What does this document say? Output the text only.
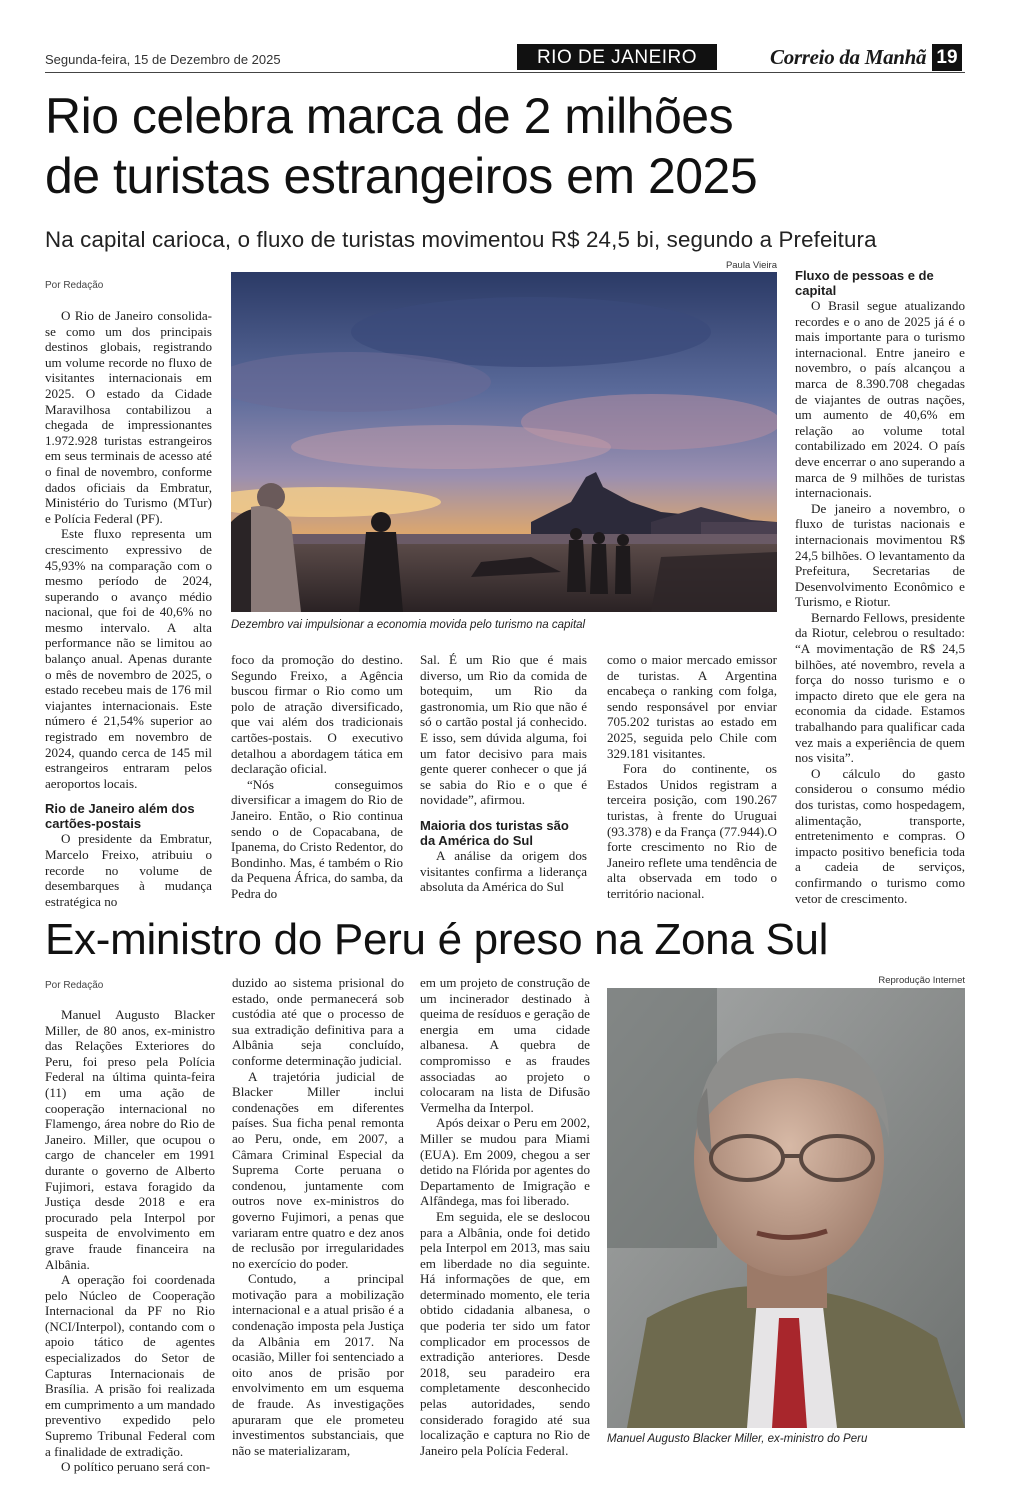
Segunda-feira, 15 de Dezembro de 2025	RIO DE JANEIRO	Correio da Manhã 19
Rio celebra marca de 2 milhões
de turistas estrangeiros em 2025
Na capital carioca, o fluxo de turistas movimentou R$ 24,5 bi, segundo a Prefeitura
Por Redação
Paula Vieira
Dezembro vai impulsionar a economia movida pelo turismo na capital

O Rio de Janeiro consolida-se como um dos principais destinos globais, registrando um volume recorde no fluxo de visitantes internacionais em 2025. O estado da Cidade Maravilhosa contabilizou a chegada de impressionantes 1.972.928 turistas estrangeiros em seus terminais de acesso até o final de novembro, conforme dados oficiais da Embratur, Ministério do Turismo (MTur) e Polícia Federal (PF).

Este fluxo representa um crescimento expressivo de 45,93% na comparação com o mesmo período de 2024, superando o avanço médio nacional, que foi de 40,6% no mesmo intervalo. A alta performance não se limitou ao balanço anual. Apenas durante o mês de novembro de 2025, o estado recebeu mais de 176 mil viajantes internacionais. Este número é 21,54% superior ao registrado em novembro de 2024, quando cerca de 145 mil estrangeiros entraram pelos aeroportos locais.

Rio de Janeiro além dos cartões-postais

O presidente da Embratur, Marcelo Freixo, atribuiu o recorde no volume de desembarques à mudança estratégica no

foco da promoção do destino. Segundo Freixo, a Agência buscou firmar o Rio como um polo de atração diversificado, que vai além dos tradicionais cartões-postais. O executivo detalhou a abordagem tática em declaração oficial.

“Nós conseguimos diversificar a imagem do Rio de Janeiro. Então, o Rio continua sendo o de Copacabana, de Ipanema, do Cristo Redentor, do Bondinho. Mas, é também o Rio da Pequena África, do samba, da Pedra do

Sal. É um Rio que é mais diverso, um Rio da comida de botequim, um Rio da gastronomia, um Rio que não é só o cartão postal já conhecido. E isso, sem dúvida alguma, foi um fator decisivo para mais gente querer conhecer o que já se sabia do Rio e o que é novidade”, afirmou.

Maioria dos turistas são da América do Sul

A análise da origem dos visitantes confirma a liderança absoluta da América do Sul

como o maior mercado emissor de turistas. A Argentina encabeça o ranking com folga, sendo responsável por enviar 705.202 turistas ao estado em 2025, seguida pelo Chile com 329.181 visitantes.

Fora do continente, os Estados Unidos registram a terceira posição, com 190.267 turistas, à frente do Uruguai (93.378) e da França (77.944).O forte crescimento no Rio de Janeiro reflete uma tendência de alta observada em todo o território nacional.

Fluxo de pessoas e de capital

O Brasil segue atualizando recordes e o ano de 2025 já é o mais importante para o turismo internacional. Entre janeiro e novembro, o país alcançou a marca de 8.390.708 chegadas de viajantes de outras nações, um aumento de 40,6% em relação ao volume total contabilizado em 2024. O país deve encerrar o ano superando a marca de 9 milhões de turistas internacionais.

De janeiro a novembro, o fluxo de turistas nacionais e internacionais movimentou R$ 24,5 bilhões. O levantamento da Prefeitura, Secretarias de Desenvolvimento Econômico e Turismo, e Riotur.

Bernardo Fellows, presidente da Riotur, celebrou o resultado: “A movimentação de R$ 24,5 bilhões, até novembro, revela a força do nosso turismo e o impacto direto que ele gera na economia da cidade. Estamos trabalhando para qualificar cada vez mais a experiência de quem nos visita”.

O cálculo do gasto considerou o consumo médio dos turistas, como hospedagem, alimentação, transporte, entretenimento e compras. O impacto positivo beneficia toda a cadeia de serviços, confirmando o turismo como vetor de crescimento.

Ex-ministro do Peru é preso na Zona Sul
Por Redação	Reprodução Internet

Manuel Augusto Blacker Miller, de 80 anos, ex-ministro das Relações Exteriores do Peru, foi preso pela Polícia Federal na última quinta-feira (11) em uma ação de cooperação internacional no Flamengo, área nobre do Rio de Janeiro. Miller, que ocupou o cargo de chanceler em 1991 durante o governo de Alberto Fujimori, estava foragido da Justiça desde 2018 e era procurado pela Interpol por suspeita de envolvimento em grave fraude financeira na Albânia.

A operação foi coordenada pelo Núcleo de Cooperação Internacional da PF no Rio (NCI/Interpol), contando com o apoio tático de agentes especializados do Setor de Capturas Internacionais de Brasília. A prisão foi realizada em cumprimento a um mandado preventivo expedido pelo Supremo Tribunal Federal com a finalidade de extradição.

O político peruano será con-

duzido ao sistema prisional do estado, onde permanecerá sob custódia até que o processo de sua extradição definitiva para a Albânia seja concluído, conforme determinação judicial.

A trajetória judicial de Blacker Miller inclui condenações em diferentes países. Sua ficha penal remonta ao Peru, onde, em 2007, a Câmara Criminal Especial da Suprema Corte peruana o condenou, juntamente com outros nove ex-ministros do governo Fujimori, a penas que variaram entre quatro e dez anos de reclusão por irregularidades no exercício do poder.

Contudo, a principal motivação para a mobilização internacional e a atual prisão é a condenação imposta pela Justiça da Albânia em 2017. Na ocasião, Miller foi sentenciado a oito anos de prisão por envolvimento em um esquema de fraude. As investigações apuraram que ele prometeu investimentos substanciais, que não se materializaram,

em um projeto de construção de um incinerador destinado à queima de resíduos e geração de energia em uma cidade albanesa. A quebra de compromisso e as fraudes associadas ao projeto o colocaram na lista de Difusão Vermelha da Interpol.

Após deixar o Peru em 2002, Miller se mudou para Miami (EUA). Em 2009, chegou a ser detido na Flórida por agentes do Departamento de Imigração e Alfândega, mas foi liberado.

Em seguida, ele se deslocou para a Albânia, onde foi detido pela Interpol em 2013, mas saiu em liberdade no dia seguinte. Há informações de que, em determinado momento, ele teria obtido cidadania albanesa, o que poderia ter sido um fator complicador em processos de extradição anteriores. Desde 2018, seu paradeiro era completamente desconhecido pelas autoridades, sendo considerado foragido até sua localização e captura no Rio de Janeiro pela Polícia Federal.

Manuel Augusto Blacker Miller, ex-ministro do Peru
